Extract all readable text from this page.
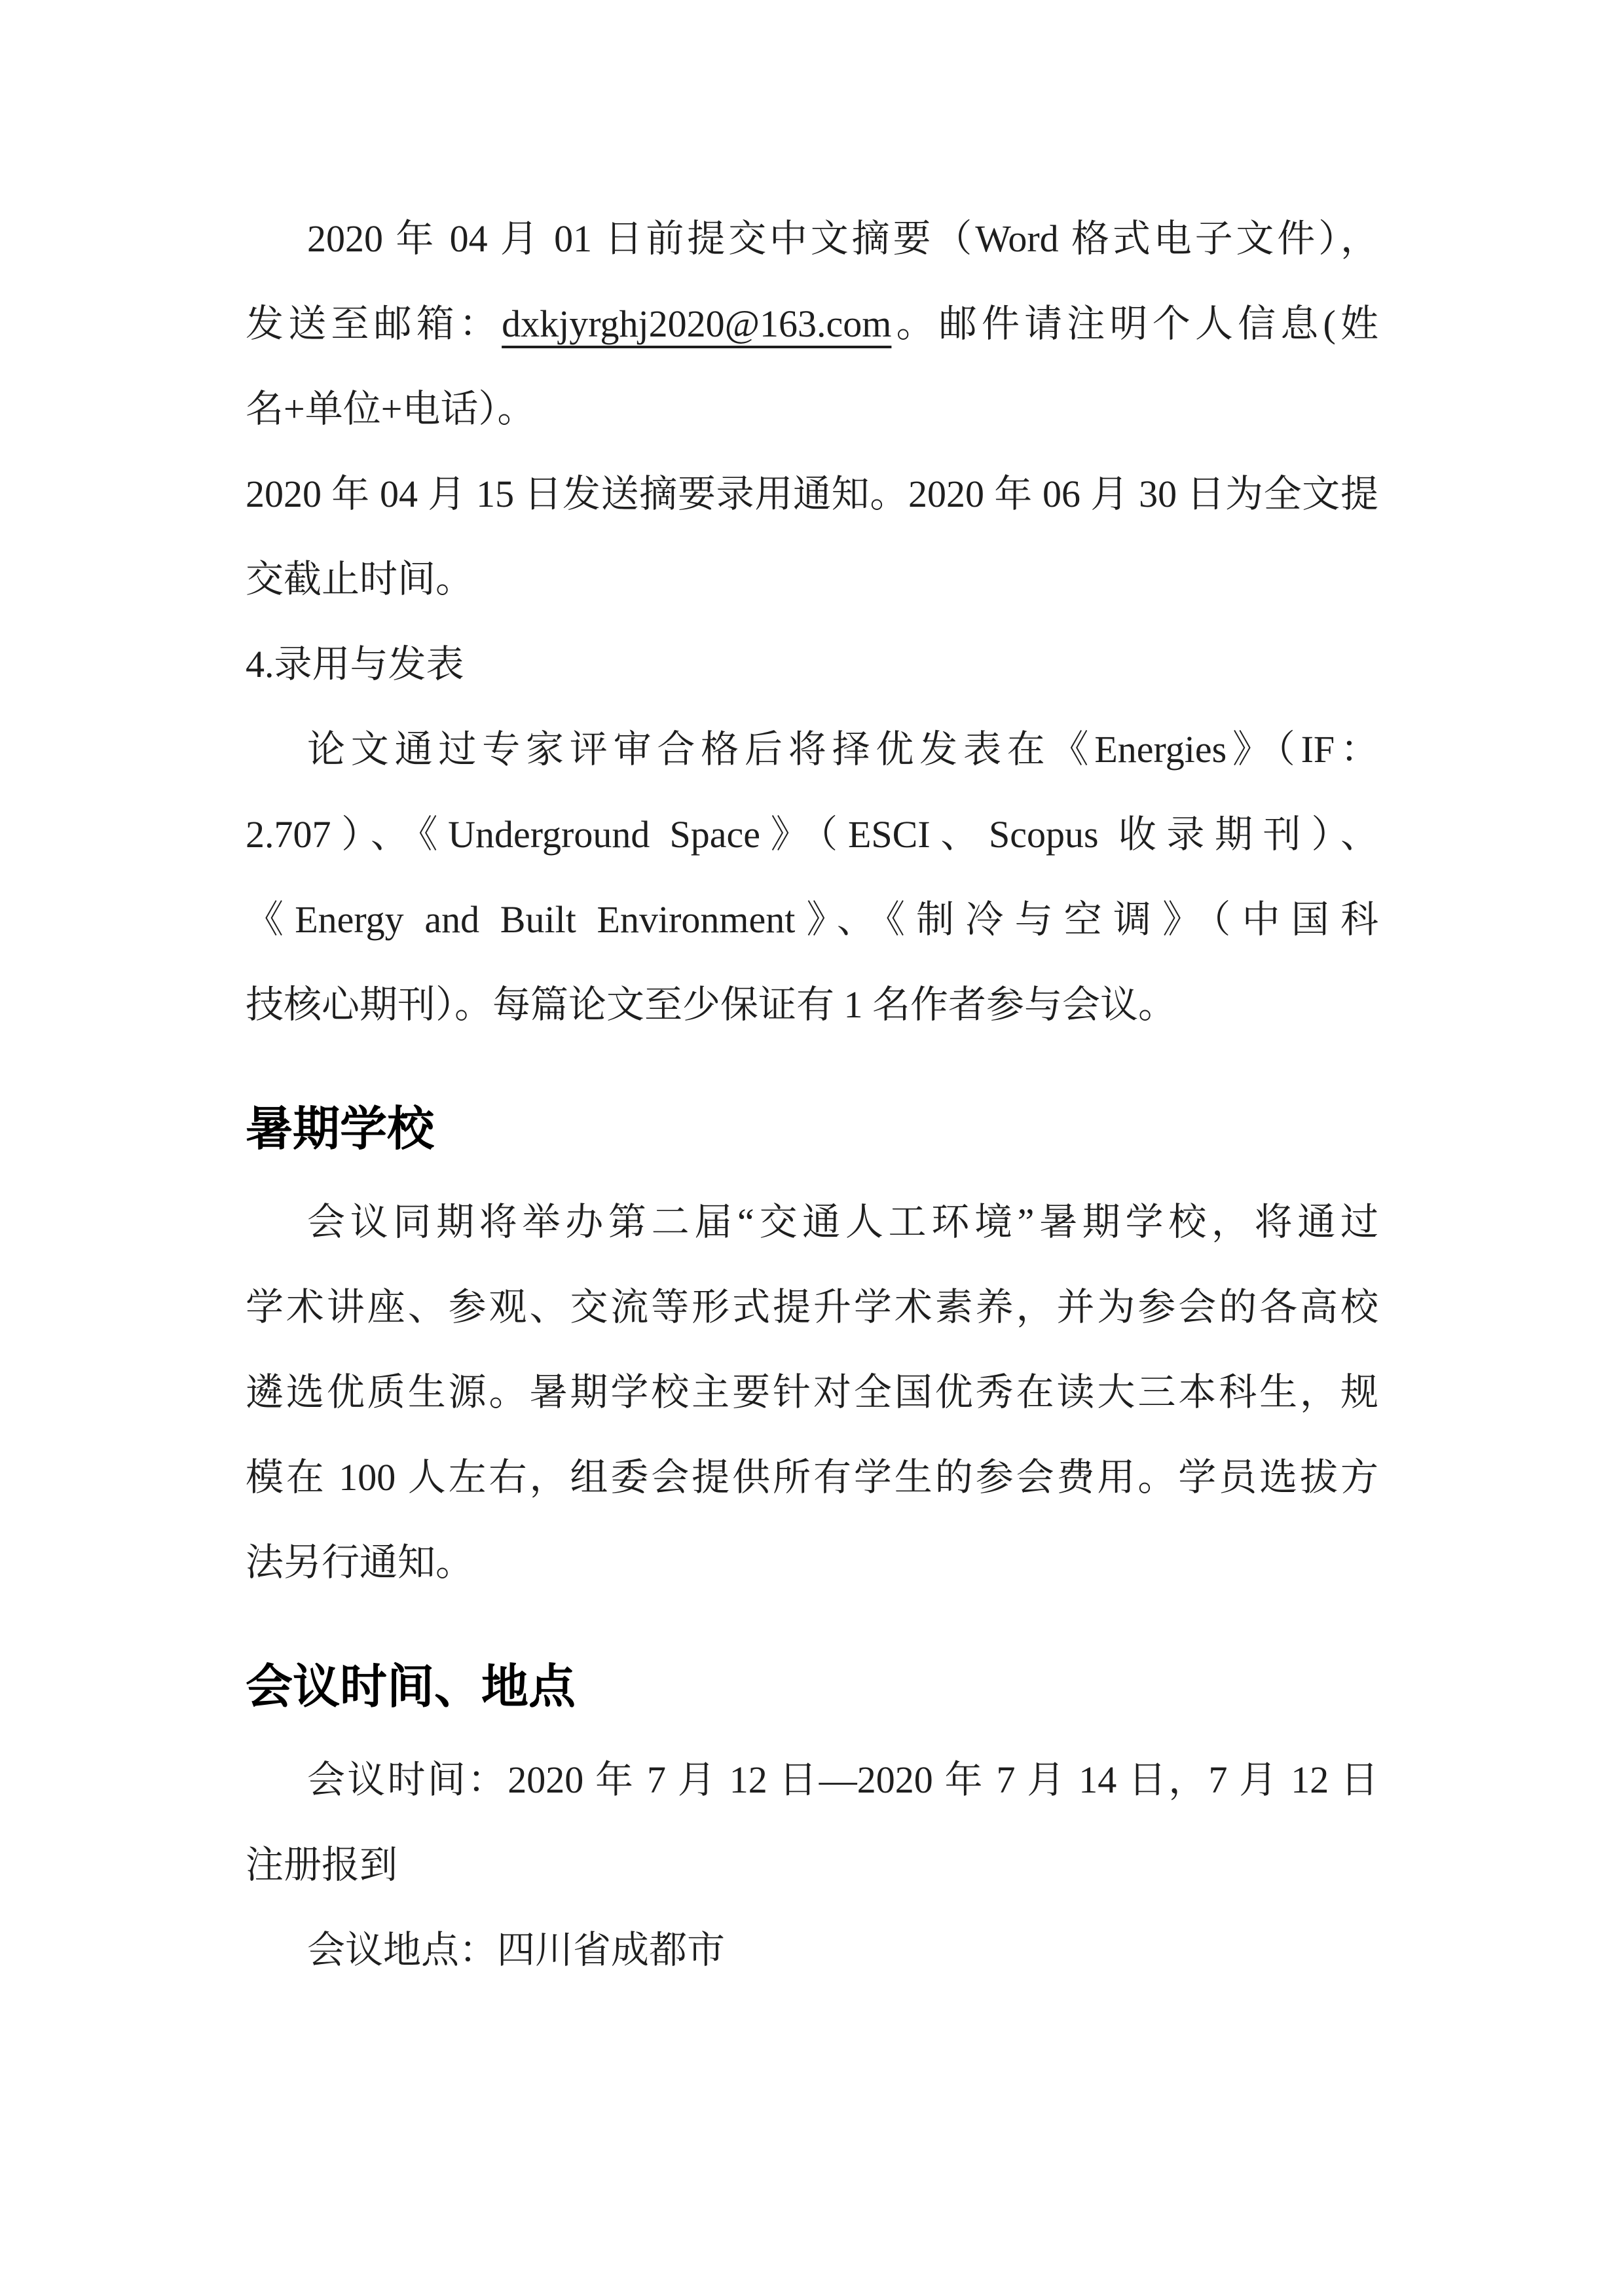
2020 年 04 月 01 日前提交中文摘要（Word 格式电子文件），
发送至邮箱：dxkjyrghj2020@163.com。邮件请注明个人信息(姓
名+单位+电话）。
2020 年 04 月 15 日发送摘要录用通知。2020 年 06 月 30 日为全文提
交截止时间。
4.录用与发表
论文通过专家评审合格后将择优发表在《Energies》（IF：
2.707）、《Underground Space》（ESCI、Scopus 收录期刊）、
《Energy and Built Environment》、《制冷与空调》（中国科
技核心期刊）。每篇论文至少保证有 1 名作者参与会议。
暑期学校
会议同期将举办第二届“交通人工环境”暑期学校，将通过
学术讲座、参观、交流等形式提升学术素养，并为参会的各高校
遴选优质生源。暑期学校主要针对全国优秀在读大三本科生，规
模在 100 人左右，组委会提供所有学生的参会费用。学员选拔方
法另行通知。
会议时间、地点
会议时间：2020 年 7 月 12 日—2020 年 7 月 14 日，7 月 12 日
注册报到
会议地点：四川省成都市
